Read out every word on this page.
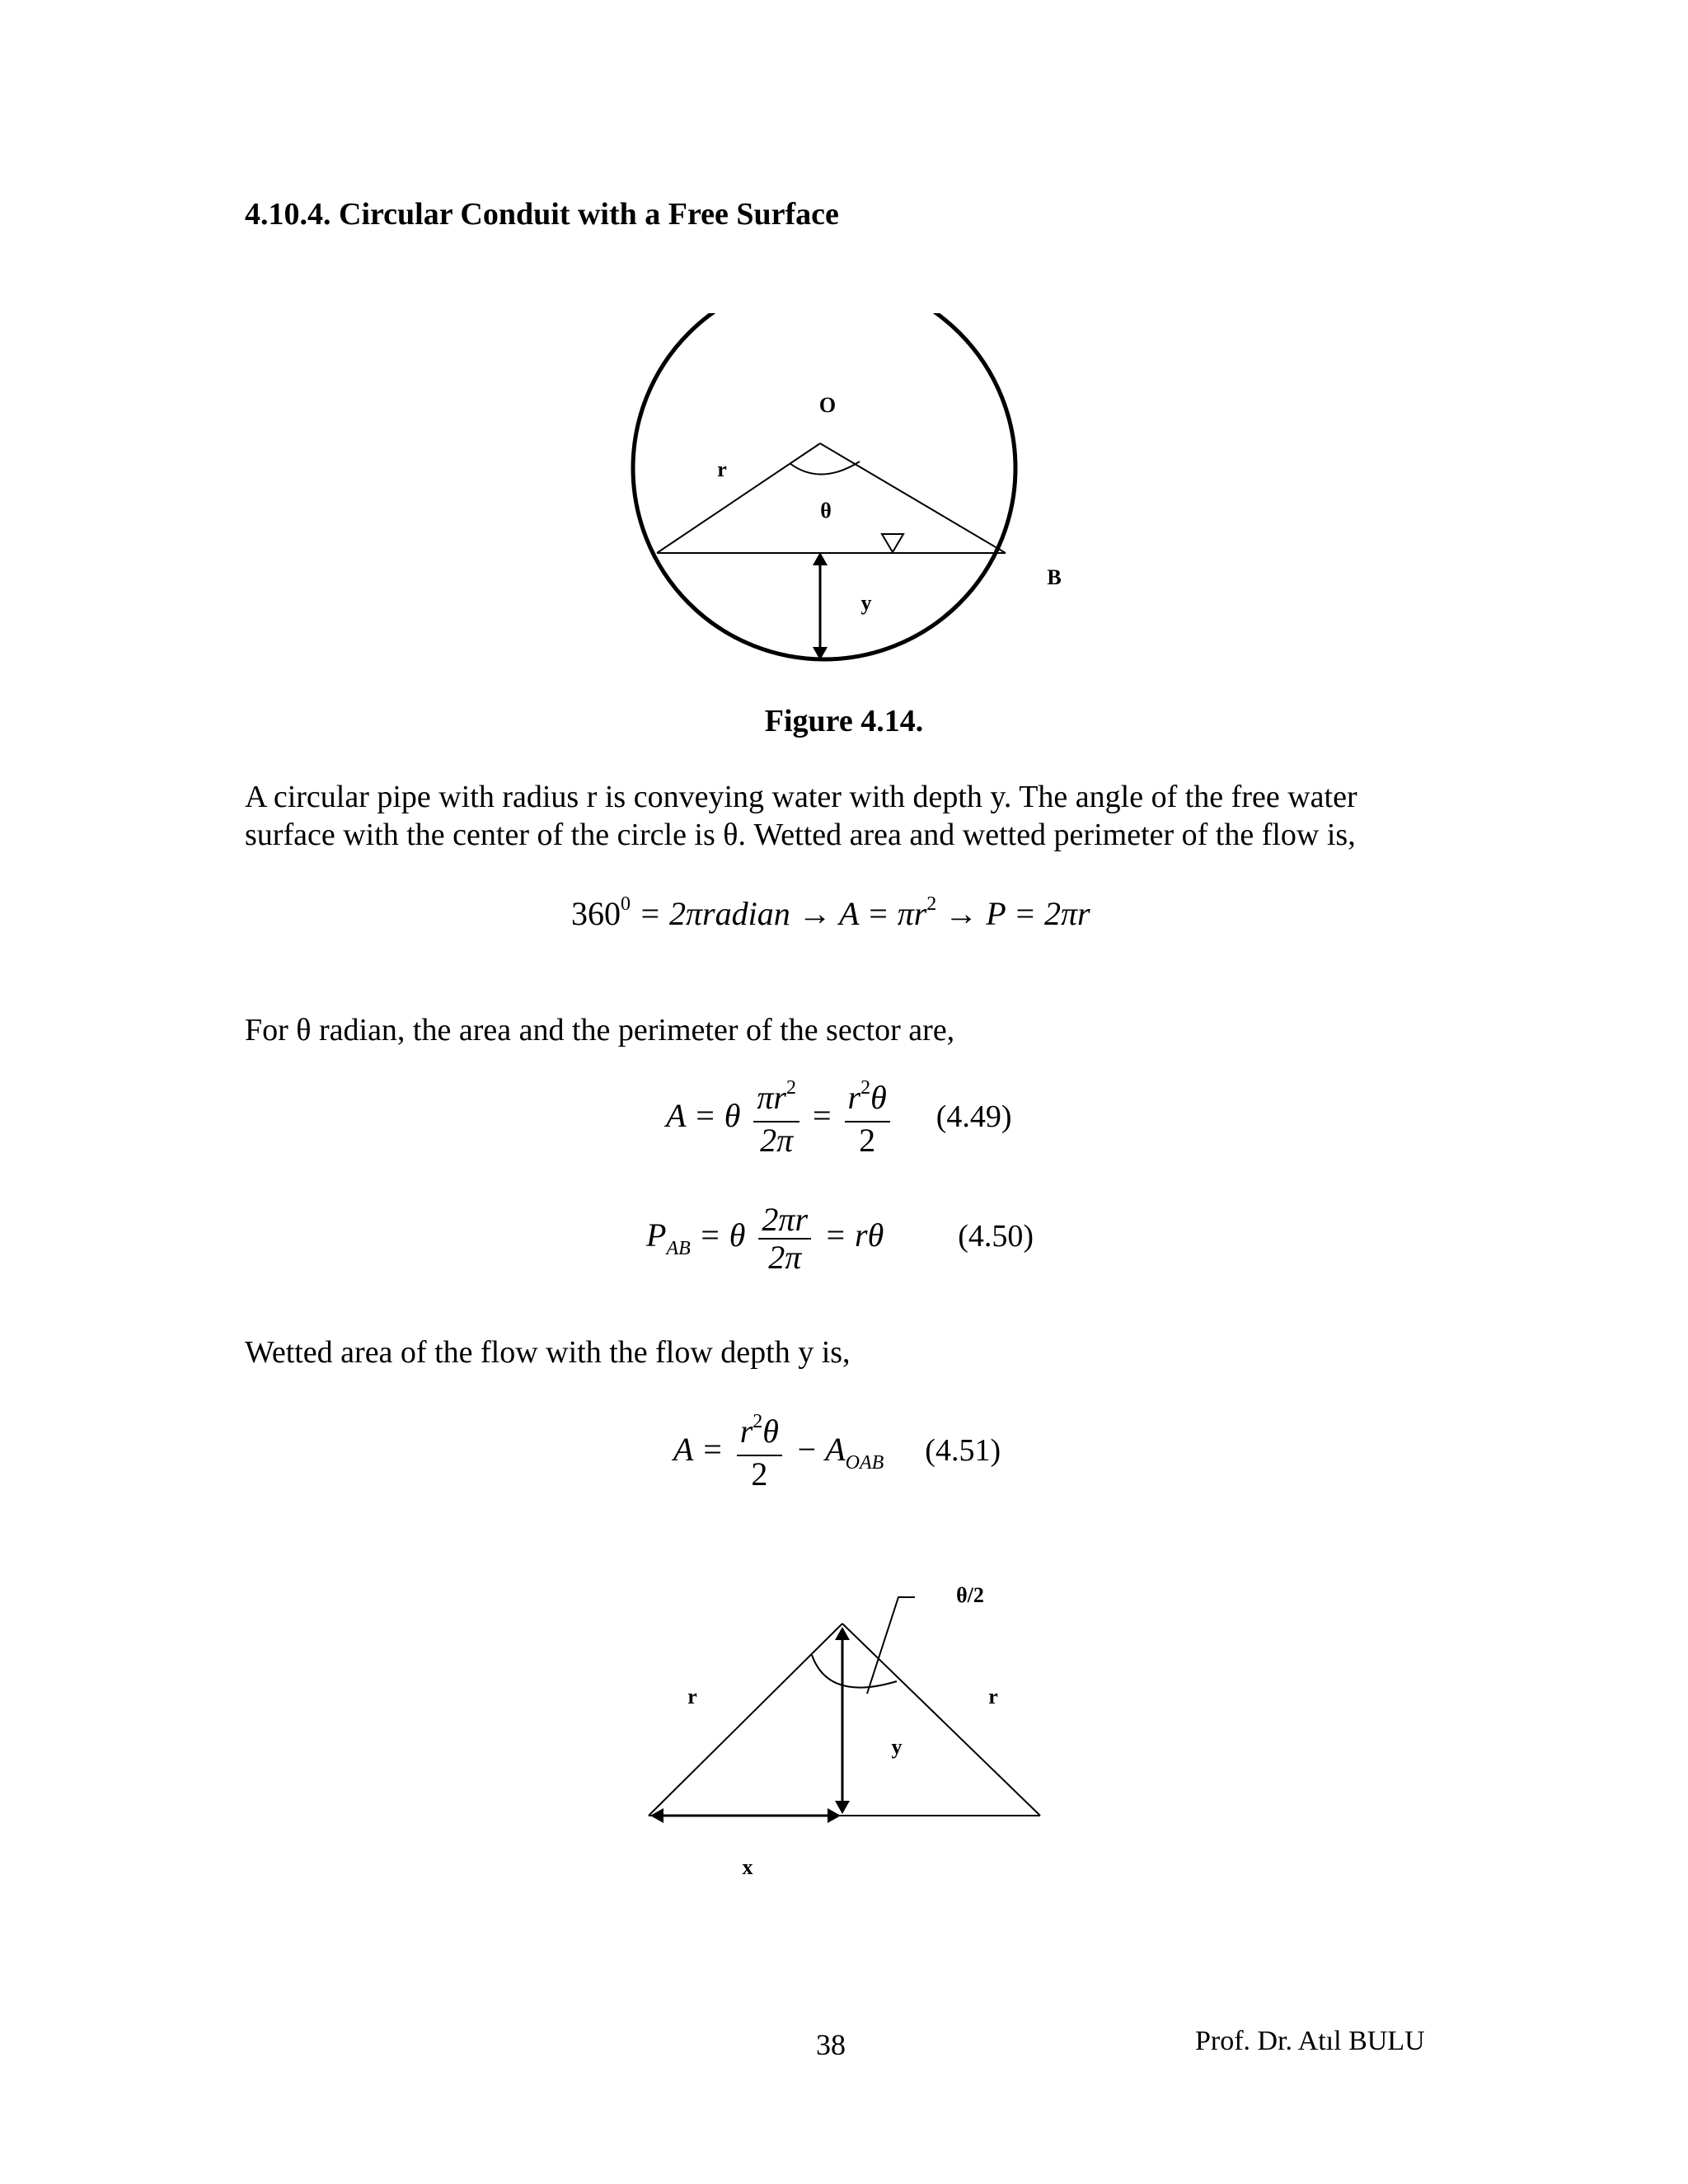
4.10.4. Circular Conduit with a Free Surface
O
r
θ
y
B
Figure 4.14.
A circular pipe with radius r is conveying water with depth y. The angle of the free water
surface with the center of the circle is θ. Wetted area and wetted perimeter of the flow is,
$360^0$ = 2πradian → $A = \pi r^2 \to P = 2\pi r$
For θ radian, the area and the perimeter of the sector are,
A = θ $\frac{\pi r^2}{2\pi} = \frac{r^2\theta}{2} (4.49)$
$P_{AB} = \theta \frac{2\pi r}{2\pi} = r\theta$ (4.50)
Wetted area of the flow with the flow depth y is,
$A = \frac{r^2\theta}{2} - A_{OAB}$ (4.51)
θ/2
r	r
y
x
38	Prof. Dr. Atıl BULU
